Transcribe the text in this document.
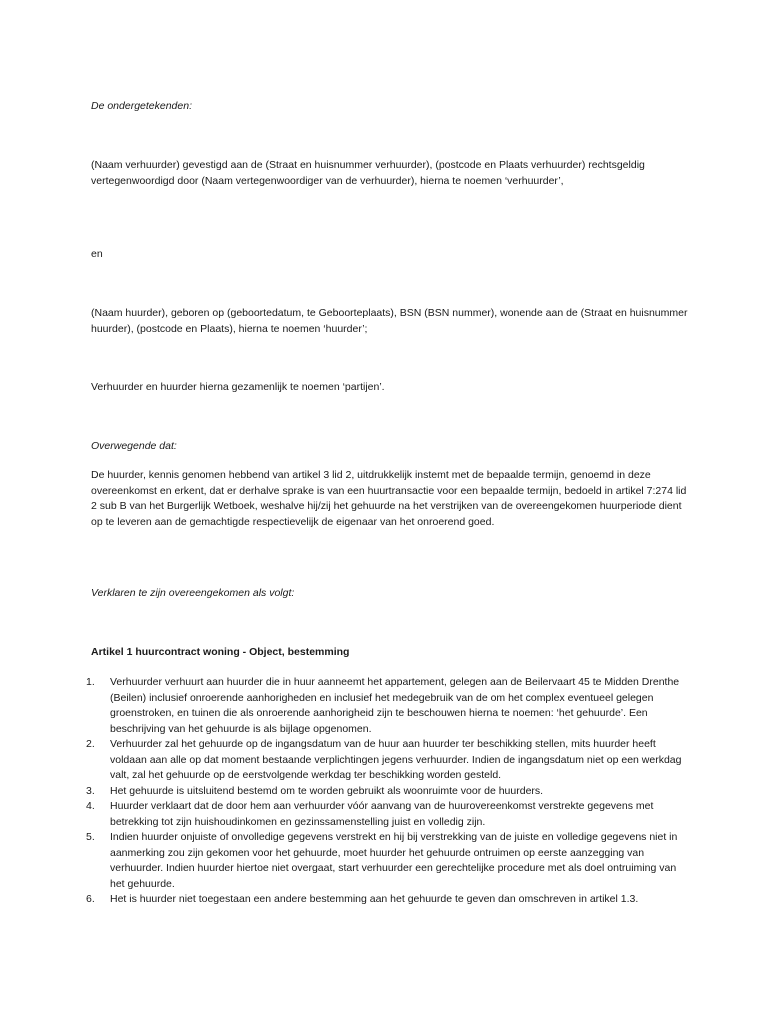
De ondergetekenden:

(Naam verhuurder) gevestigd aan de (Straat en huisnummer verhuurder), (postcode en Plaats verhuurder) rechtsgeldig vertegenwoordigd door (Naam vertegenwoordiger van de verhuurder), hierna te noemen ‘verhuurder’,

en

(Naam huurder), geboren op (geboortedatum, te Geboorteplaats), BSN (BSN nummer), wonende aan de (Straat en huisnummer huurder), (postcode en Plaats), hierna te noemen ‘huurder’;

Verhuurder en huurder hierna gezamenlijk te noemen ‘partijen’.

Overwegende dat:

De huurder, kennis genomen hebbend van artikel 3 lid 2, uitdrukkelijk instemt met de bepaalde termijn, genoemd in deze overeenkomst en erkent, dat er derhalve sprake is van een huurtransactie voor een bepaalde termijn, bedoeld in artikel 7:274 lid 2 sub B van het Burgerlijk Wetboek, weshalve hij/zij het gehuurde na het verstrijken van de overeengekomen huurperiode dient op te leveren aan de gemachtigde respectievelijk de eigenaar van het onroerend goed.

Verklaren te zijn overeengekomen als volgt:

Artikel 1 huurcontract woning - Object, bestemming

1.	Verhuurder verhuurt aan huurder die in huur aanneemt het appartement, gelegen aan de Beilervaart 45 te Midden Drenthe (Beilen) inclusief onroerende aanhorigheden en inclusief het medegebruik van de om het complex eventueel gelegen groenstroken, en tuinen die als onroerende aanhorigheid zijn te beschouwen hierna te noemen: ‘het gehuurde’. Een beschrijving van het gehuurde is als bijlage opgenomen.
2.	Verhuurder zal het gehuurde op de ingangsdatum van de huur aan huurder ter beschikking stellen, mits huurder heeft voldaan aan alle op dat moment bestaande verplichtingen jegens verhuurder. Indien de ingangsdatum niet op een werkdag valt, zal het gehuurde op de eerstvolgende werkdag ter beschikking worden gesteld.
3.	Het gehuurde is uitsluitend bestemd om te worden gebruikt als woonruimte voor de huurders.
4.	Huurder verklaart dat de door hem aan verhuurder vóór aanvang van de huurovereenkomst verstrekte gegevens met betrekking tot zijn huishoudinkomen en gezinssamenstelling juist en volledig zijn.
5.	Indien huurder onjuiste of onvolledige gegevens verstrekt en hij bij verstrekking van de juiste en volledige gegevens niet in aanmerking zou zijn gekomen voor het gehuurde, moet huurder het gehuurde ontruimen op eerste aanzegging van verhuurder. Indien huurder hiertoe niet overgaat, start verhuurder een gerechtelijke procedure met als doel ontruiming van het gehuurde.
6.	Het is huurder niet toegestaan een andere bestemming aan het gehuurde te geven dan omschreven in artikel 1.3.
